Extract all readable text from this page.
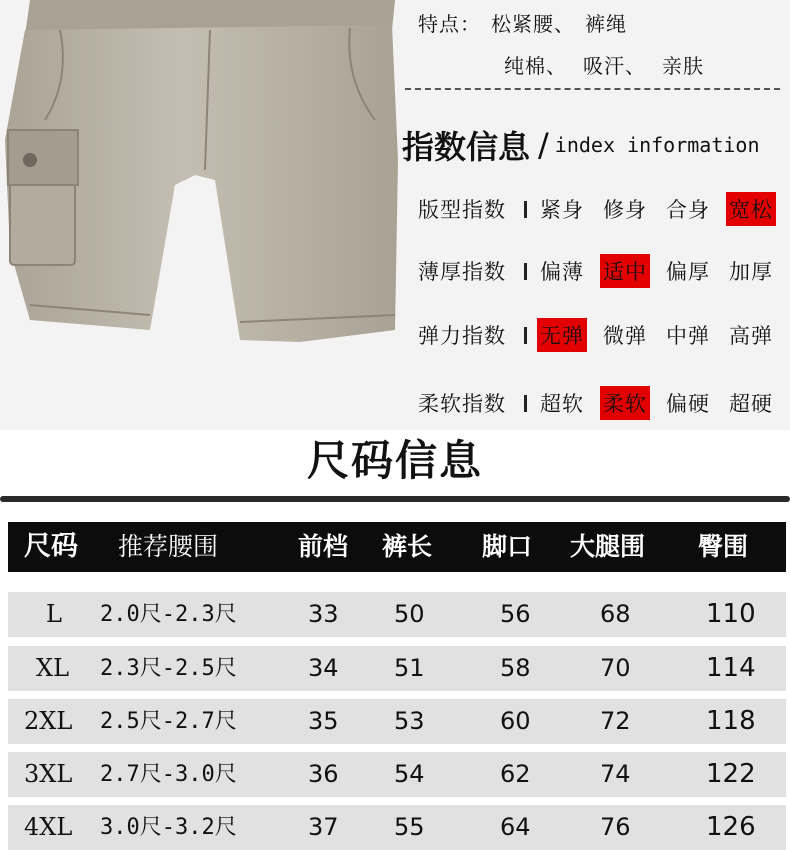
特点： 松紧腰、 裤绳
纯棉、 吸汗、 亲肤
指数信息 / index information
版型指数	紧身 修身 合身 宽松
薄厚指数	偏薄 适中 偏厚 加厚
弹力指数	无弹 微弹 中弹 高弹
柔软指数	超软 柔软 偏硬 超硬
尺码信息
尺码 推荐腰围	前档 裤长 脚口 大腿围 臀围
L 2.0尺-2.3尺	33 50	56	68	110
XL 2.3尺-2.5尺	34 51	58	70	114
2XL 2.5尺-2.7尺	35 53	60	72	118
3XL 2.7尺-3.0尺	36 54	62	74	122
4XL 3.0尺-3.2尺	37 55	64	76	126
